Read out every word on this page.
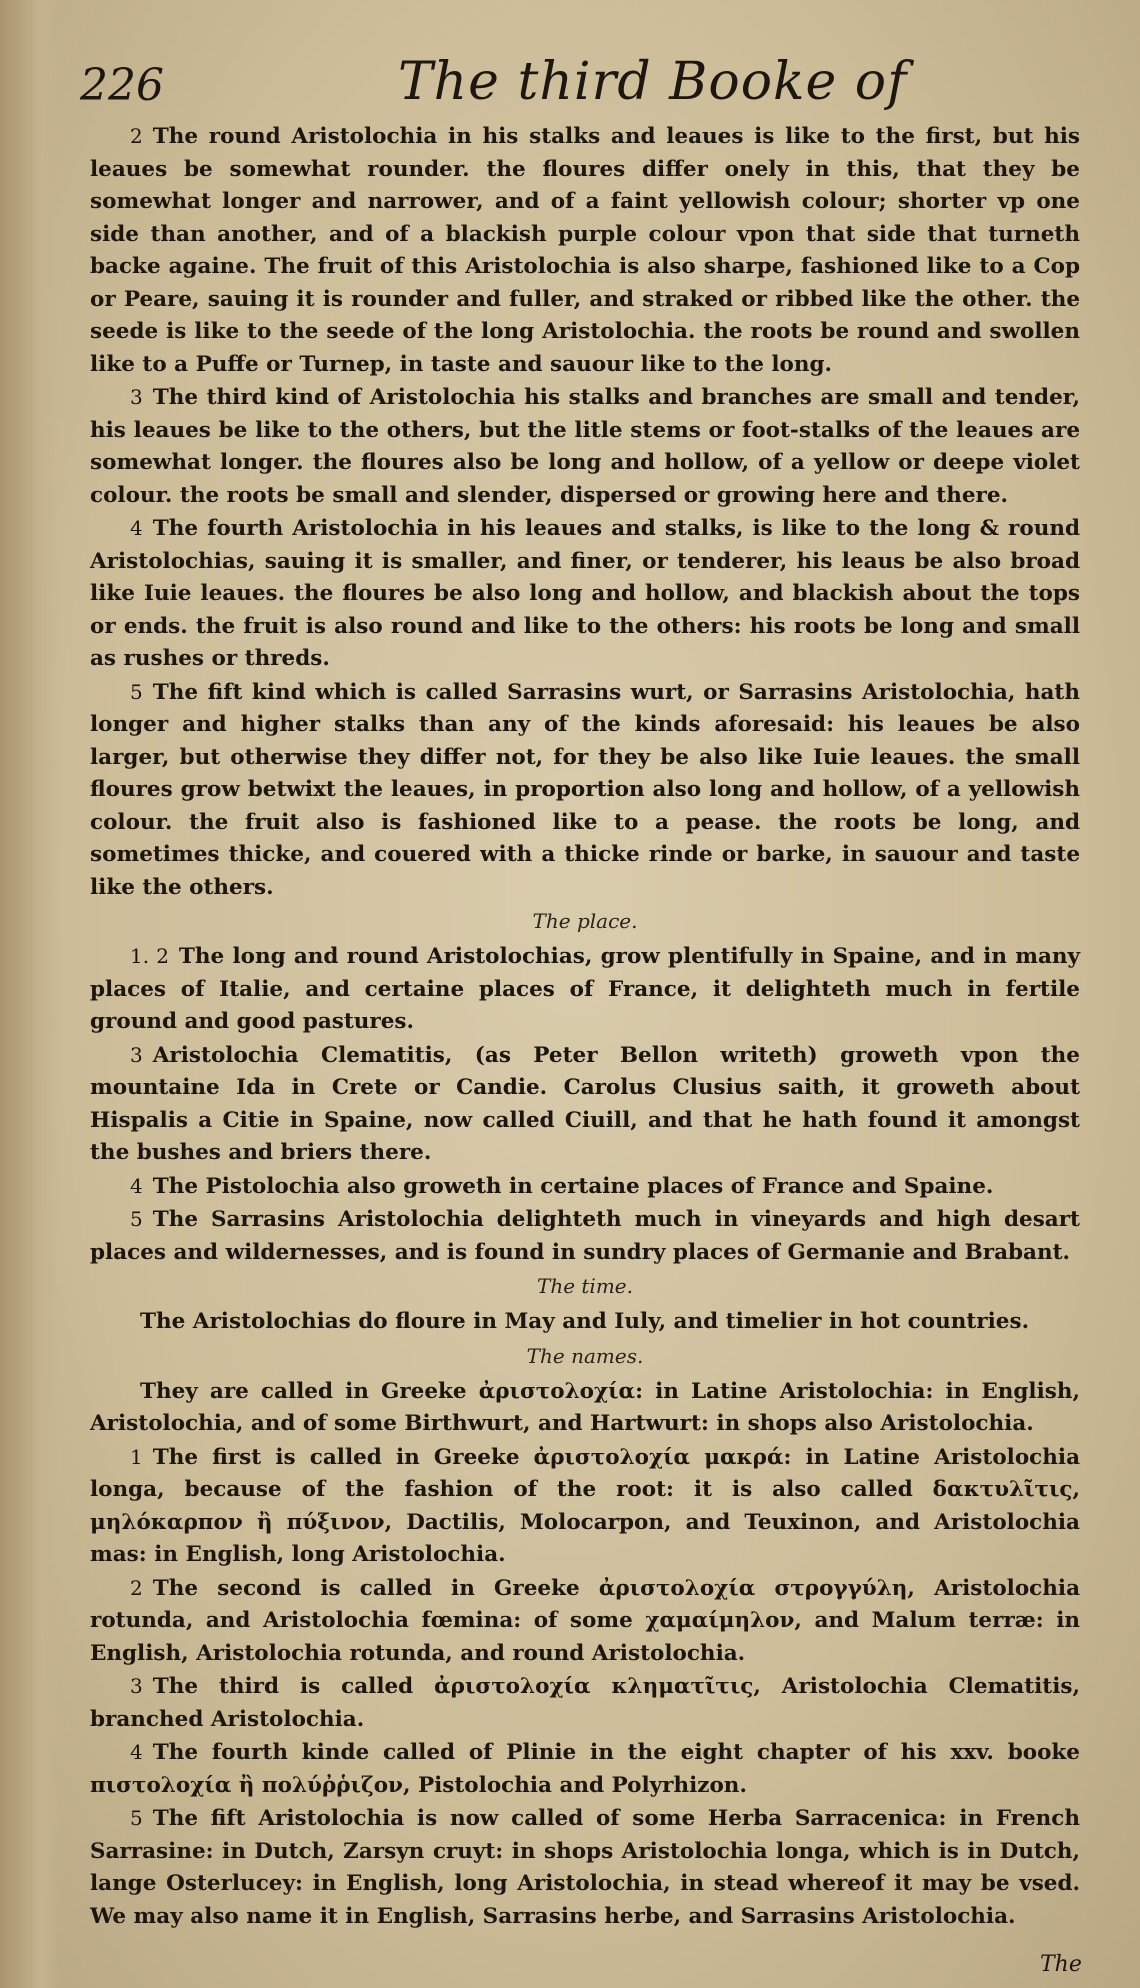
226	The third Booke of

2 The round Aristolochia in his stalks and leaues is like to the first, but his leaues be somewhat rounder. the floures differ onely in this, that they be somewhat longer and narrower, and of a faint yellowish colour; shorter vp one side than another, and of a blackish purple colour vpon that side that turneth backe againe. The fruit of this Aristolochia is also sharpe, fashioned like to a Cop or Peare, sauing it is rounder and fuller, and straked or ribbed like the other. the seede is like to the seede of the long Aristolochia. the roots be round and swollen like to a Puffe or Turnep, in taste and sauour like to the long.

3 The third kind of Aristolochia his stalks and branches are small and tender, his leaues be like to the others, but the litle stems or foot-stalks of the leaues are somewhat longer. the floures also be long and hollow, of a yellow or deepe violet colour. the roots be small and slender, dispersed or growing here and there.

4 The fourth Aristolochia in his leaues and stalks, is like to the long & round Aristolochias, sauing it is smaller, and finer, or tenderer, his leaus be also broad like Iuie leaues. the floures be also long and hollow, and blackish about the tops or ends. the fruit is also round and like to the others: his roots be long and small as rushes or threds.

5 The fift kind which is called Sarrasins wurt, or Sarrasins Aristolochia, hath longer and higher stalks than any of the kinds aforesaid: his leaues be also larger, but otherwise they differ not, for they be also like Iuie leaues. the small floures grow betwixt the leaues, in proportion also long and hollow, of a yellowish colour. the fruit also is fashioned like to a pease. the roots be long, and sometimes thicke, and couered with a thicke rinde or barke, in sauour and taste like the others.

The place.

1. 2 The long and round Aristolochias, grow plentifully in Spaine, and in many places of Italie, and certaine places of France, it delighteth much in fertile ground and good pastures.

3 Aristolochia Clematitis, (as Peter Bellon writeth) groweth vpon the mountaine Ida in Crete or Candie. Carolus Clusius saith, it groweth about Hispalis a Citie in Spaine, now called Ciuill, and that he hath found it amongst the bushes and briers there.

4 The Pistolochia also groweth in certaine places of France and Spaine.

5 The Sarrasins Aristolochia delighteth much in vineyards and high desart places and wildernesses, and is found in sundry places of Germanie and Brabant.

The time.

The Aristolochias do floure in May and Iuly, and timelier in hot countries.

The names.

They are called in Greeke ἀριστολοχία: in Latine Aristolochia: in English, Aristolochia, and of some Birthwurt, and Hartwurt: in shops also Aristolochia.

1 The first is called in Greeke ἀριστολοχία μακρά: in Latine Aristolochia longa, because of the fashion of the root: it is also called δακτυλῖτις, μηλόκαρπον ἢ πύξινον, Dactilis, Molocarpon, and Teuxinon, and Aristolochia mas: in English, long Aristolochia.

2 The second is called in Greeke ἀριστολοχία στρογγύλη, Aristolochia rotunda, and Aristolochia fœmina: of some χαμαίμηλον, and Malum terræ: in English, Aristolochia rotunda, and round Aristolochia.

3 The third is called ἀριστολοχία κληματῖτις, Aristolochia Clematitis, branched Aristolochia.

4 The fourth kinde called of Plinie in the eight chapter of his xxv. booke πιστολοχία ἢ πολύῤῥιζον, Pistolochia and Polyrhizon.

5 The fift Aristolochia is now called of some Herba Sarracenica: in French Sarrasine: in Dutch, Zarsyn cruyt: in shops Aristolochia longa, which is in Dutch, lange Osterlucey: in English, long Aristolochia, in stead whereof it may be vsed. We may also name it in English, Sarrasins herbe, and Sarrasins Aristolochia.

The
